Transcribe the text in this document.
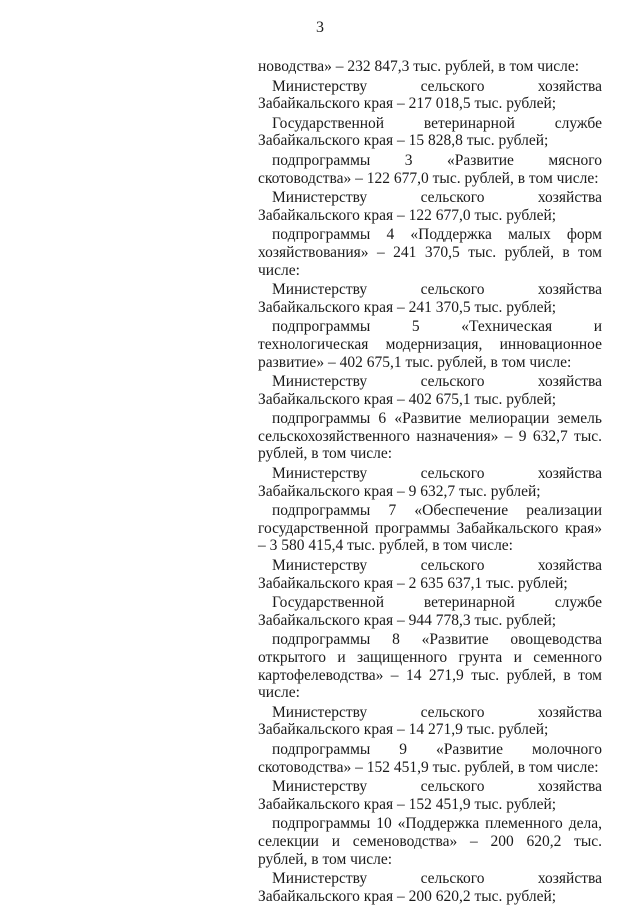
3

новодства» – 232 847,3 тыс. рублей, в том числе:

Министерству сельского хозяйства Забайкальского края – 217 018,5 тыс. рублей;

Государственной ветеринарной службе Забайкальского края – 15 828,8 тыс. рублей;

подпрограммы 3 «Развитие мясного скотоводства» – 122 677,0 тыс. рублей, в том числе:

Министерству сельского хозяйства Забайкальского края – 122 677,0 тыс. рублей;

подпрограммы 4 «Поддержка малых форм хозяйствования» – 241 370,5 тыс. рублей, в том числе:

Министерству сельского хозяйства Забайкальского края – 241 370,5 тыс. рублей;

подпрограммы 5 «Техническая и технологическая модернизация, инновационное развитие» – 402 675,1 тыс. рублей, в том числе:

Министерству сельского хозяйства Забайкальского края – 402 675,1 тыс. рублей;

подпрограммы 6 «Развитие мелиорации земель сельскохозяйственного назначения» – 9 632,7 тыс. рублей, в том числе:

Министерству сельского хозяйства Забайкальского края – 9 632,7 тыс. рублей;

подпрограммы 7 «Обеспечение реализации государственной программы Забайкальского края» – 3 580 415,4 тыс. рублей, в том числе:

Министерству сельского хозяйства Забайкальского края – 2 635 637,1 тыс. рублей;

Государственной ветеринарной службе Забайкальского края – 944 778,3 тыс. рублей;

подпрограммы 8 «Развитие овощеводства открытого и защищенного грунта и семенного картофелеводства» – 14 271,9 тыс. рублей, в том числе:

Министерству сельского хозяйства Забайкальского края – 14 271,9 тыс. рублей;

подпрограммы 9 «Развитие молочного скотоводства» – 152 451,9 тыс. рублей, в том числе:

Министерству сельского хозяйства Забайкальского края – 152 451,9 тыс. рублей;

подпрограммы 10 «Поддержка племенного дела, селекции и семеноводства» – 200 620,2 тыс. рублей, в том числе:

Министерству сельского хозяйства Забайкальского края – 200 620,2 тыс. рублей;
